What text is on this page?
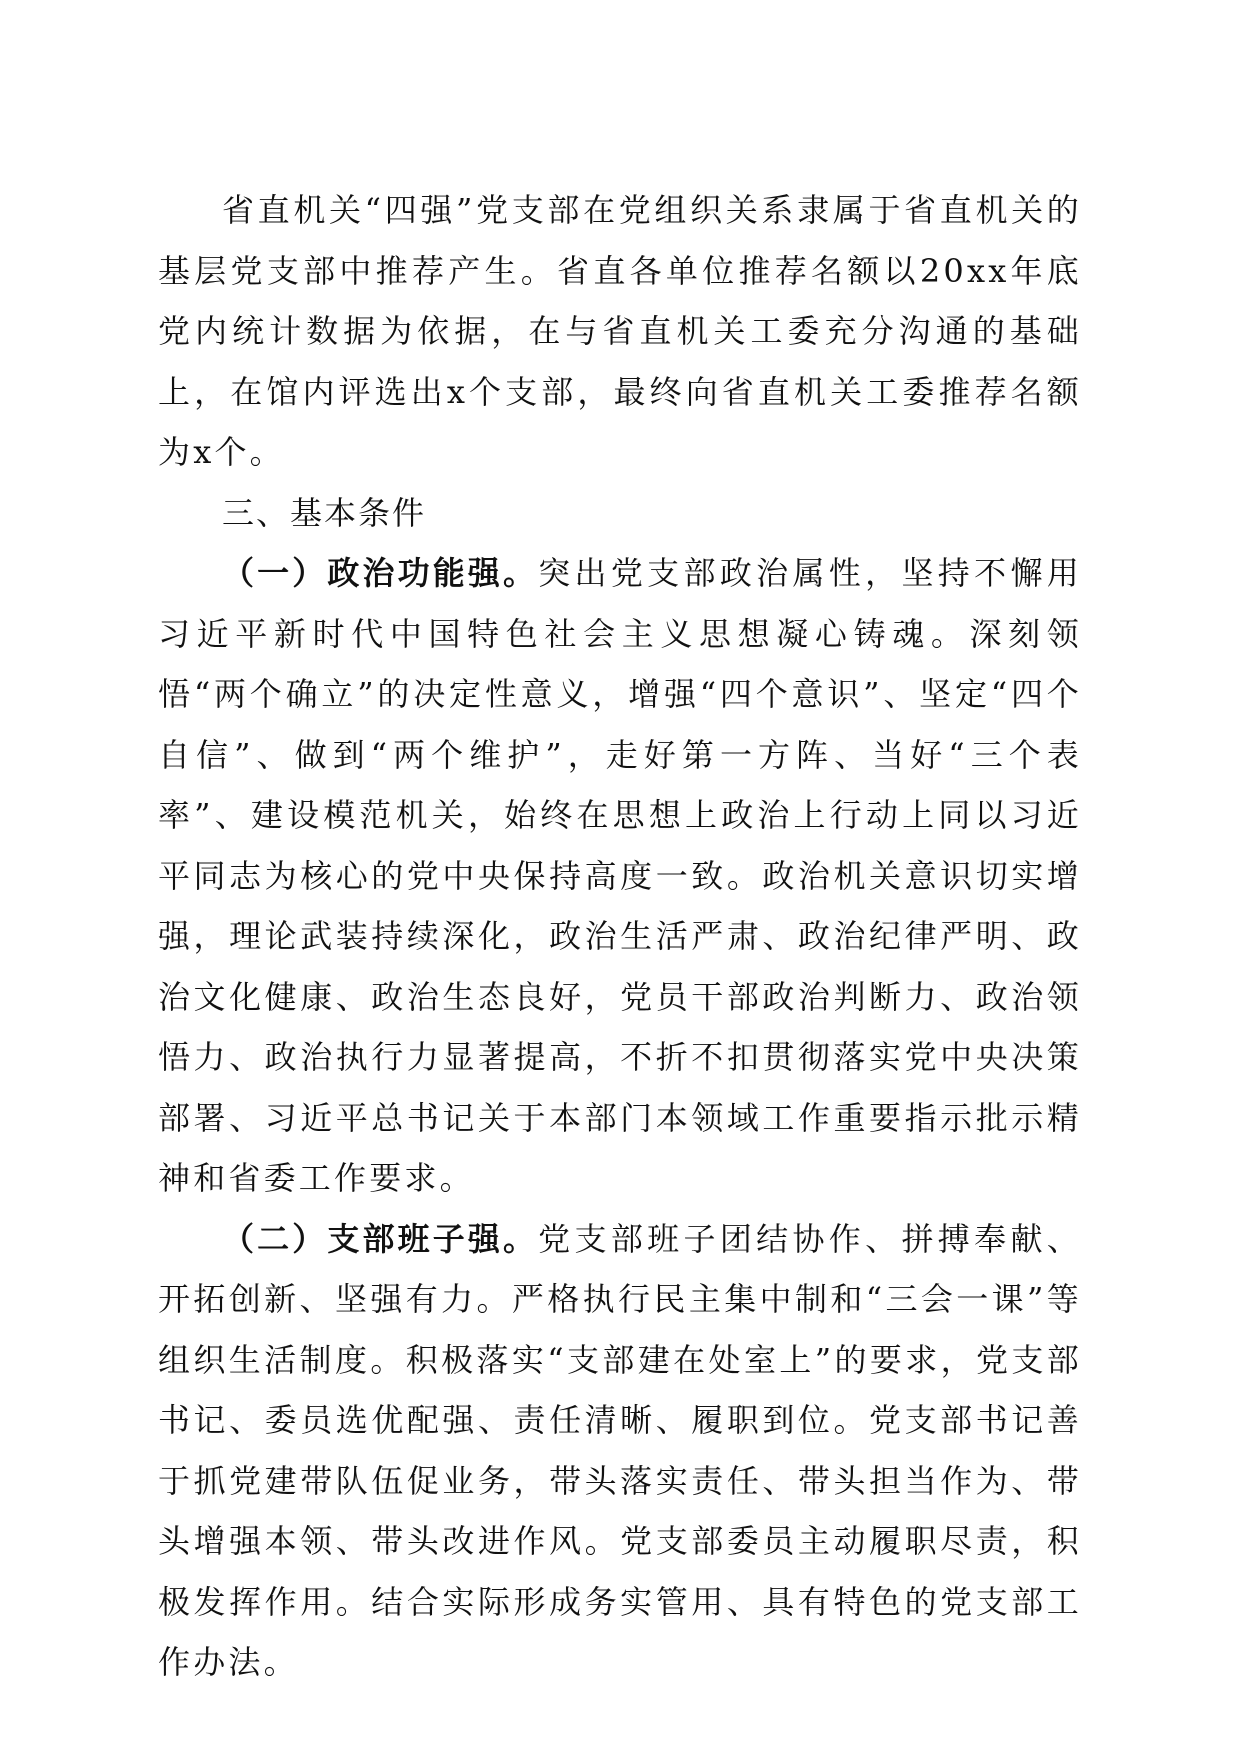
省直机关“四强”党支部在党组织关系隶属于省直机关的基层党支部中推荐产生。省直各单位推荐名额以20xx年底党内统计数据为依据，在与省直机关工委充分沟通的基础上，在馆内评选出x个支部，最终向省直机关工委推荐名额为x个。

三、基本条件

（一）政治功能强。突出党支部政治属性，坚持不懈用习近平新时代中国特色社会主义思想凝心铸魂。深刻领悟“两个确立”的决定性意义，增强“四个意识”、坚定“四个自信”、做到“两个维护”，走好第一方阵、当好“三个表率”、建设模范机关，始终在思想上政治上行动上同以习近平同志为核心的党中央保持高度一致。政治机关意识切实增强，理论武装持续深化，政治生活严肃、政治纪律严明、政治文化健康、政治生态良好，党员干部政治判断力、政治领悟力、政治执行力显著提高，不折不扣贯彻落实党中央决策部署、习近平总书记关于本部门本领域工作重要指示批示精神和省委工作要求。

（二）支部班子强。党支部班子团结协作、拼搏奉献、开拓创新、坚强有力。严格执行民主集中制和“三会一课”等组织生活制度。积极落实“支部建在处室上”的要求，党支部书记、委员选优配强、责任清晰、履职到位。党支部书记善于抓党建带队伍促业务，带头落实责任、带头担当作为、带头增强本领、带头改进作风。党支部委员主动履职尽责，积极发挥作用。结合实际形成务实管用、具有特色的党支部工作办法。
